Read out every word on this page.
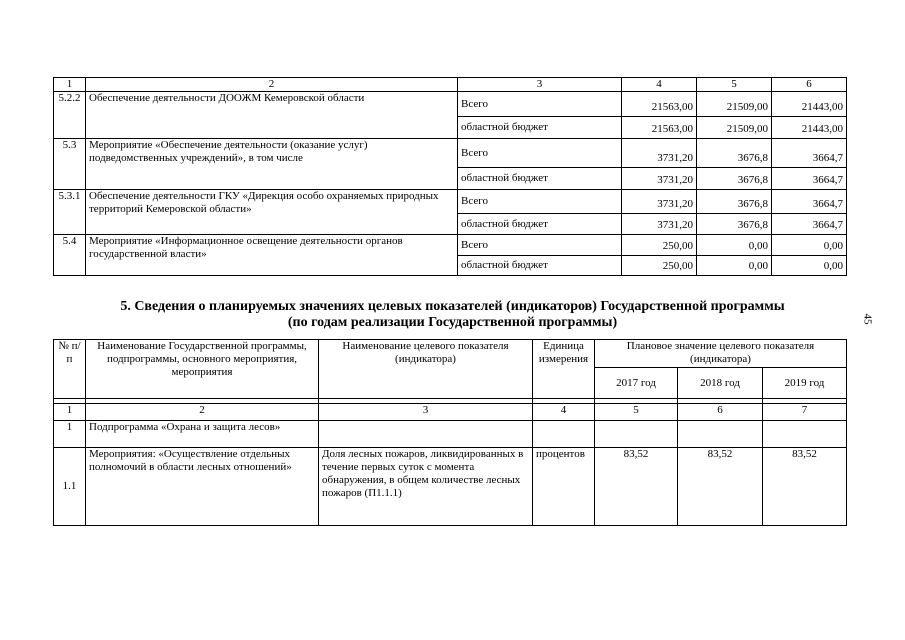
1	2	3	4	5	6
5.2.2	Обеспечение деятельности ДООЖМ Кемеровской области	Всего	21563,00	21509,00	21443,00
		областной бюджет	21563,00	21509,00	21443,00
5.3	Мероприятие «Обеспечение деятельности (оказание услуг) подведомственных учреждений», в том числе	Всего	3731,20	3676,8	3664,7
		областной бюджет	3731,20	3676,8	3664,7
5.3.1	Обеспечение деятельности ГКУ «Дирекция особо охраняемых природных территорий Кемеровской области»	Всего	3731,20	3676,8	3664,7
		областной бюджет	3731,20	3676,8	3664,7
5.4	Мероприятие «Информационное освещение деятельности органов государственной власти»	Всего	250,00	0,00	0,00
		областной бюджет	250,00	0,00	0,00
5. Сведения о планируемых значениях целевых показателей (индикаторов) Государственной программы
(по годам реализации Государственной программы)	45
№ п/п	Наименование Государственной программы, подпрограммы, основного мероприятия, мероприятия	Наименование целевого показателя (индикатора)	Единица измерения	Плановое значение целевого показателя (индикатора)		
				2017 год	2018 год	2019 год

1	2	3	4	5	6	7
1	Подпрограмма «Охрана и защита лесов»					
1.1	Мероприятия: «Осуществление отдельных полномочий в области лесных отношений»	Доля лесных пожаров, ликвидированных в течение первых суток с момента обнаружения, в общем количестве лесных пожаров (П1.1.1)	процентов	83,52	83,52	83,52
